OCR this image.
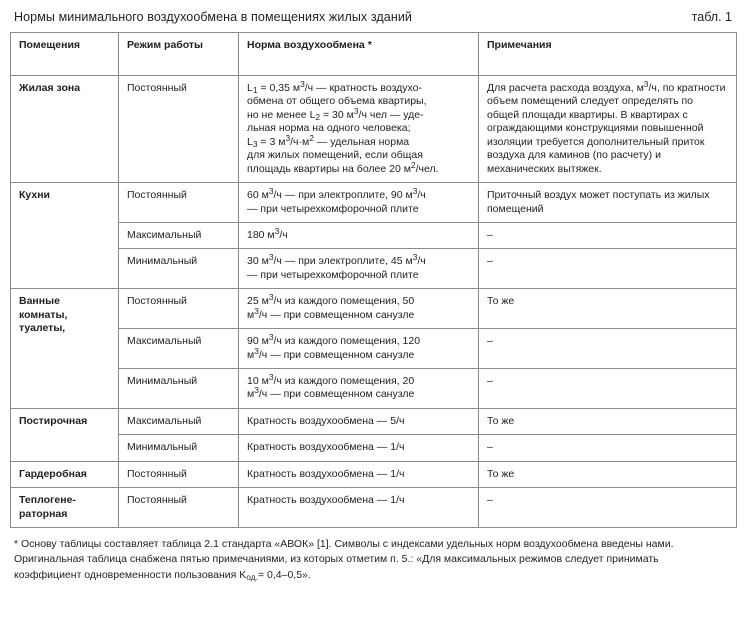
Нормы минимального воздухообмена в помещениях жилых зданий	табл. 1
Помещения	Режим работы	Норма воздухообмена *	Примечания
Жилая зона	Постоянный	$L_1 = 0,35$ $м^3/ч$ — кратность воздухо-
обмена от общего объема квартиры,
но не менее $L_2 = 30$ $м^3/ч$ чел — уде-
льная норма на одного человека;
$L_3 = 3$ $м^3/ч\cdot м^2$ — удельная норма
для жилых помещений, если общая
площадь квартиры на более 20 $м^2$/чел.	Для расчета расхода воздуха, $м^3/ч$, по кратности объем помещений следует определять по общей площади квартиры. В квартирах с ограждающими конструкциями повышенной изоляции требуется дополнительный приток воздуха для каминов (по расчету) и механических вытяжек.
Кухни	Постоянный	60 $м^3/ч$ — при электроплите, 90 $м^3/ч$
— при четырехкомфорочной плите	Приточный воздух может поступать из жилых помещений
	Максимальный	180 $м^3/ч$	–
	Минимальный	30 $м^3/ч$ — при электроплите, 45 $м^3/ч$
— при четырехкомфорочной плите	–
Ванные
комнаты,
туалеты,	Постоянный	25 $м^3/ч$ из каждого помещения, 50
$м^3/ч$ — при совмещенном санузле	То же
	Максимальный	90 $м^3/ч$ из каждого помещения, 120
$м^3/ч$ — при совмещенном санузле	–
	Минимальный	10 $м^3/ч$ из каждого помещения, 20
$м^3/ч$ — при совмещенном санузле	–
Постирочная	Максимальный	Кратность воздухообмена — 5/ч	То же
	Минимальный	Кратность воздухообмена — 1/ч	–
Гардеробная	Постоянный	Кратность воздухообмена — 1/ч	То же
Теплогене-
раторная	Постоянный	Кратность воздухообмена — 1/ч	–

* Основу таблицы составляет таблица 2.1 стандарта «АВОК» [1]. Символы с индексами удельных норм воздухообмена введены нами.

Оригинальная таблица снабжена пятью примечаниями, из которых отметим п. 5.: «Для максимальных режимов следует принимать

коэффициент одновременности пользования $K_{од.}= 0,4-0,5$».
